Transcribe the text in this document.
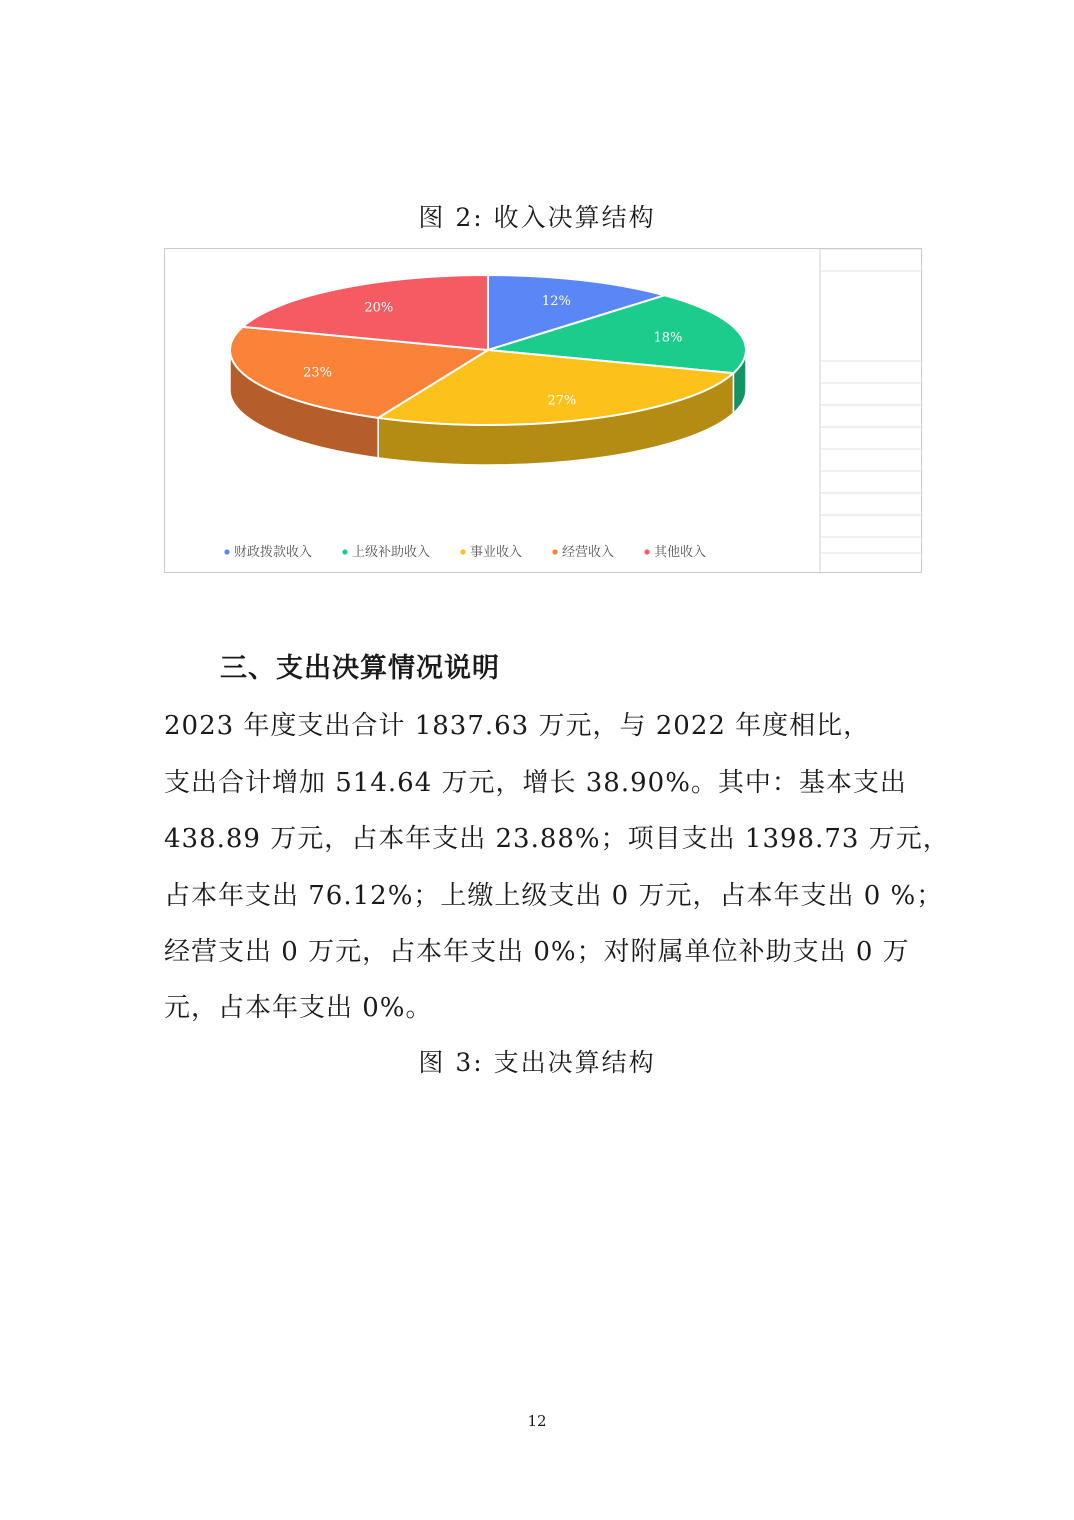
图 2: 收入决算结构
12%
18%
27%
23%
20%
财政拨款收入	上级补助收入	事业收入	经营收入	其他收入
三、支出决算情况说明
2023 年度支出合计 1837.63 万元，与 2022 年度相比，
支出合计增加 514.64 万元，增长 38.90%。其中：基本支出
438.89 万元，占本年支出 23.88%；项目支出 1398.73 万元，
占本年支出 76.12%；上缴上级支出 0 万元，占本年支出 0 %；
经营支出 0 万元，占本年支出 0%；对附属单位补助支出 0 万
元，占本年支出 0%。
图 3: 支出决算结构
12
